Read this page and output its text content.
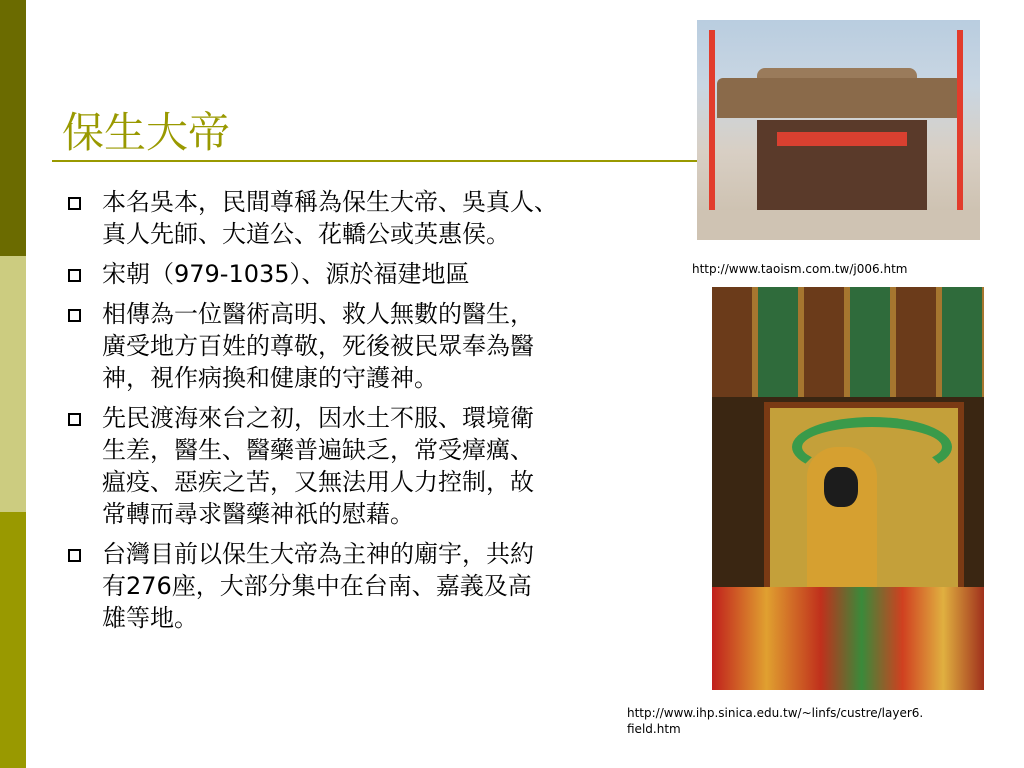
保生大帝
本名吳本，民間尊稱為保生大帝、吳真人、
真人先師、大道公、花轎公或英惠侯。
宋朝（979-1035）、源於福建地區
相傳為一位醫術高明、救人無數的醫生，
廣受地方百姓的尊敬，死後被民眾奉為醫
神，視作病換和健康的守護神。
先民渡海來台之初，因水土不服、環境衛
生差，醫生、醫藥普遍缺乏，常受瘴癘、
瘟疫、惡疾之苦，又無法用人力控制，故
常轉而尋求醫藥神祇的慰藉。
台灣目前以保生大帝為主神的廟宇，共約
有276座，大部分集中在台南、嘉義及高
雄等地。
http://www.taoism.com.tw/j006.htm
http://www.ihp.sinica.edu.tw/~linfs/custre/layer6.
field.htm
